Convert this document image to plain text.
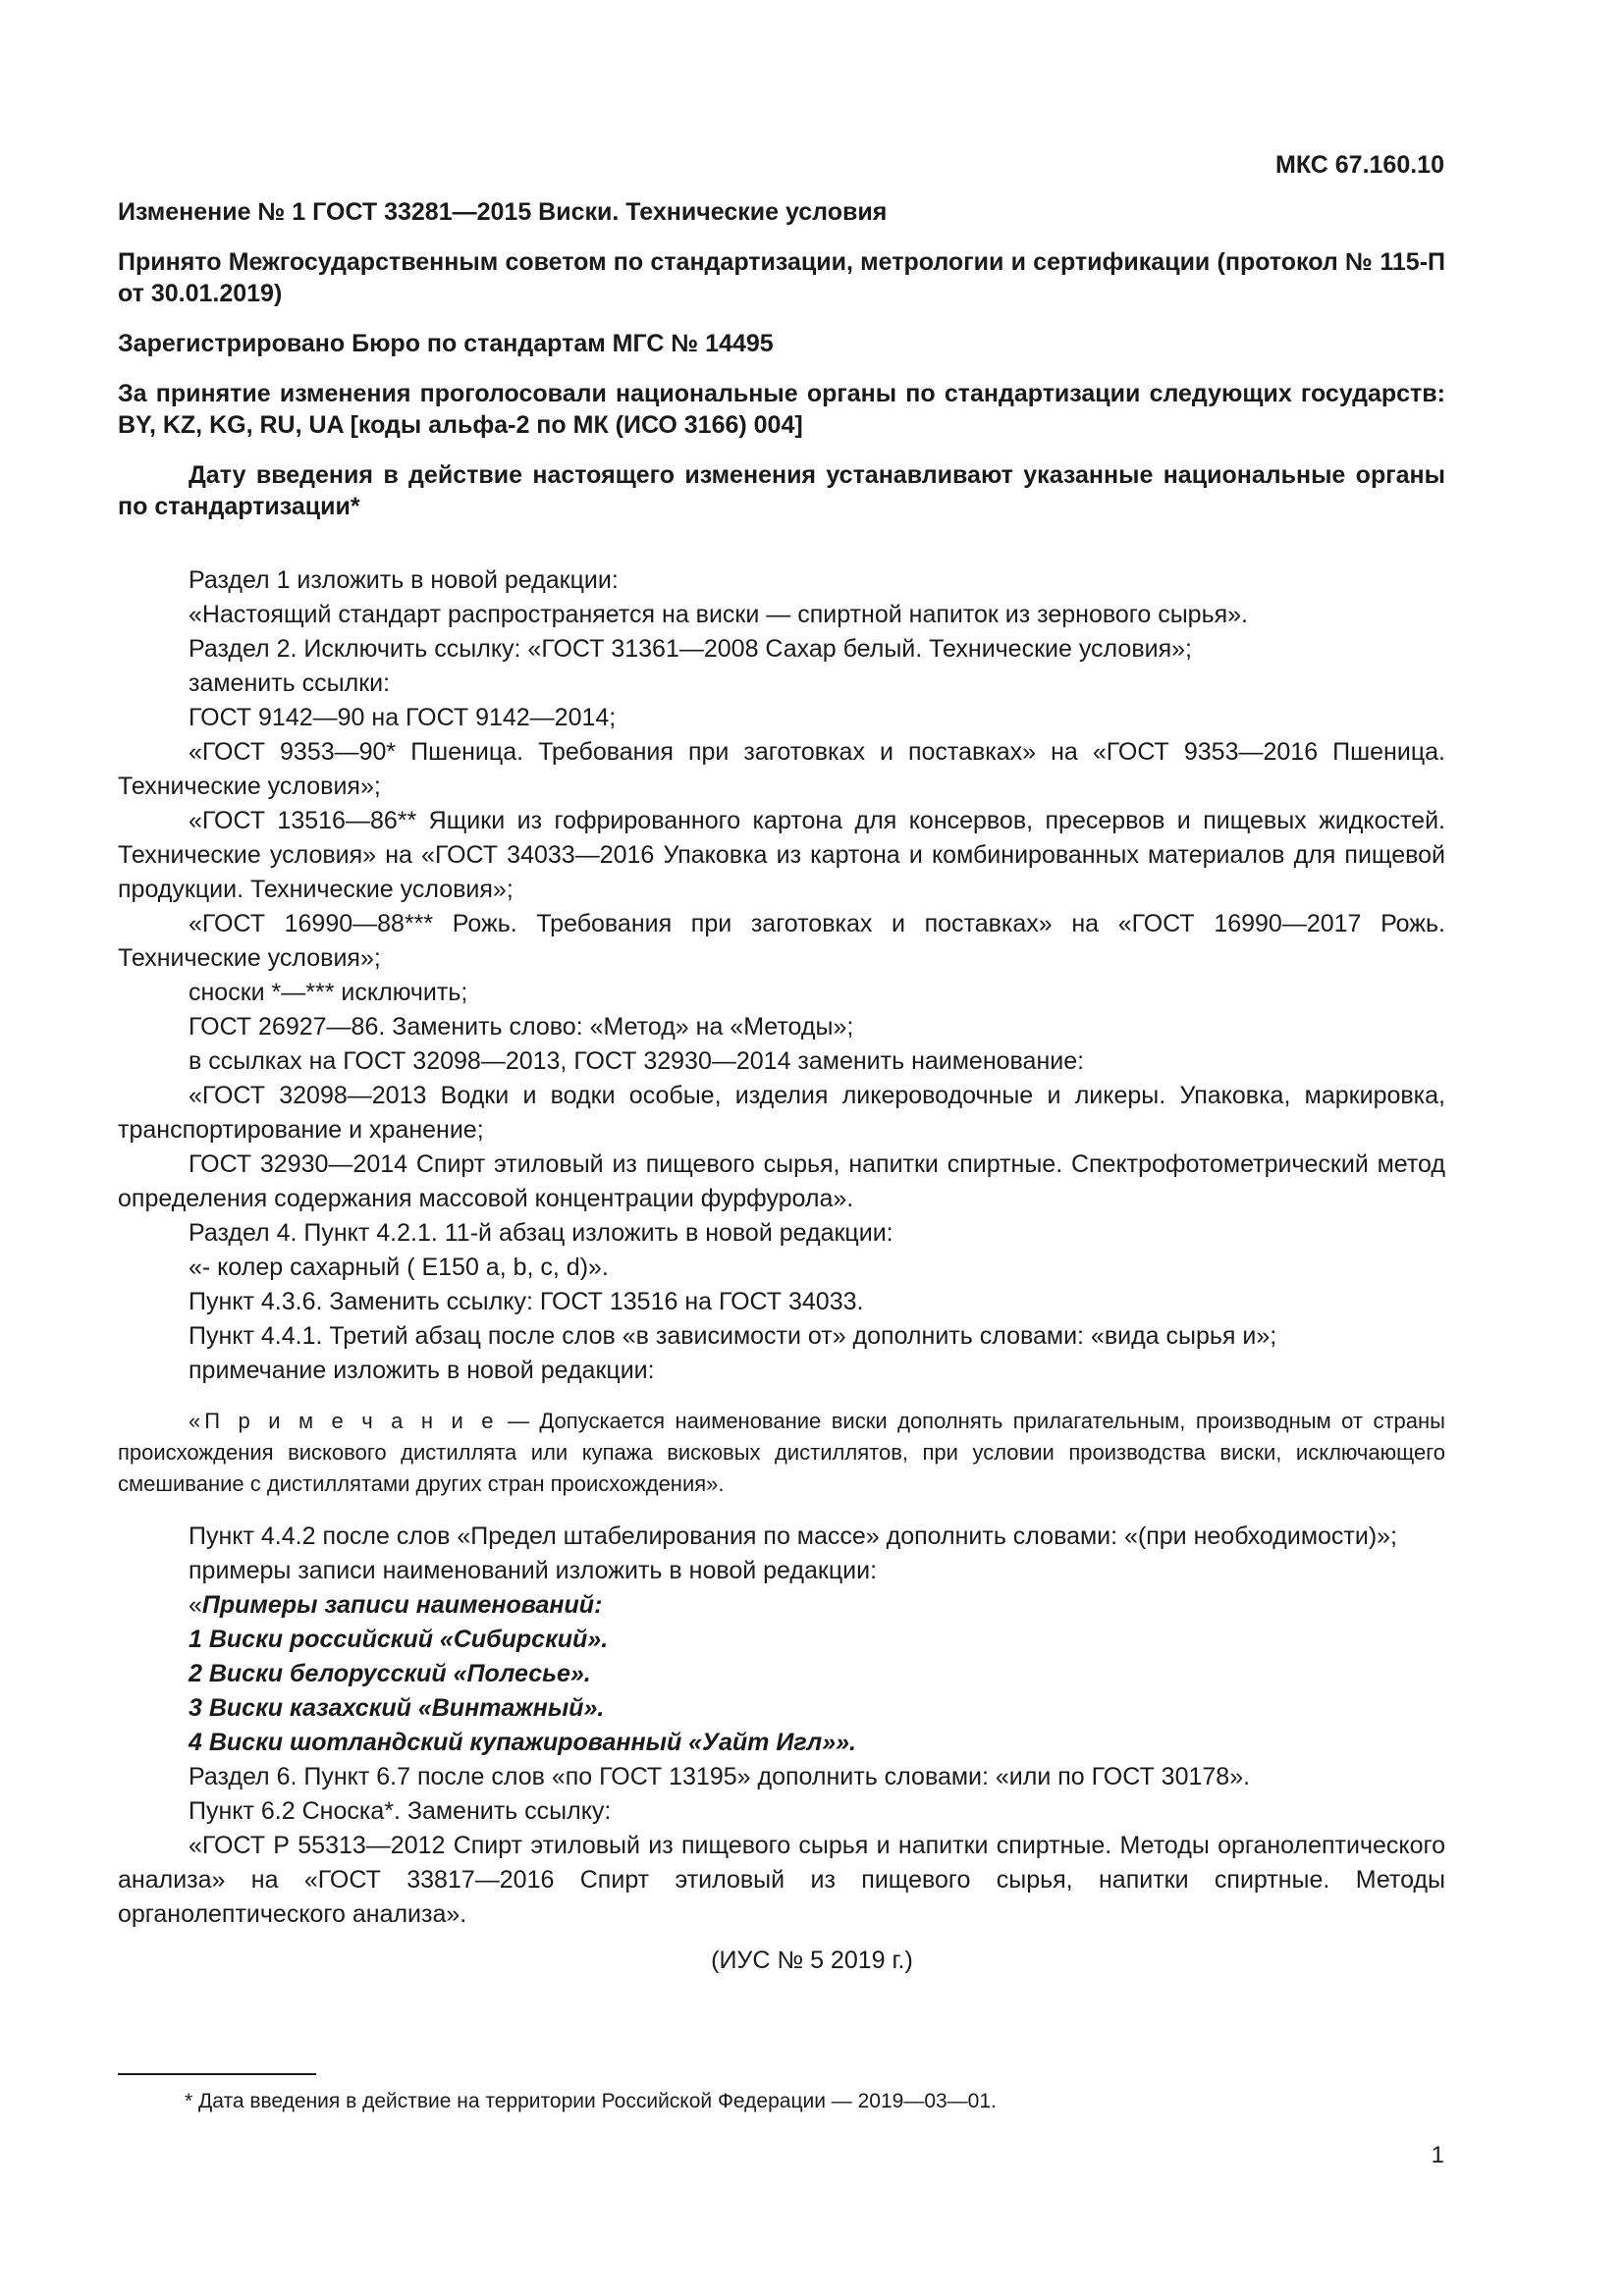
МКС 67.160.10

Изменение № 1 ГОСТ 33281—2015 Виски. Технические условия

Принято Межгосударственным советом по стандартизации, метрологии и сертификации (протокол № 115-П от 30.01.2019)

Зарегистрировано Бюро по стандартам МГС № 14495

За принятие изменения проголосовали национальные органы по стандартизации следующих государств: BY, KZ, KG, RU, UA [коды альфа-2 по МК (ИСО 3166) 004]

Дату введения в действие настоящего изменения устанавливают указанные национальные органы по стандартизации*

Раздел 1 изложить в новой редакции:

«Настоящий стандарт распространяется на виски — спиртной напиток из зернового сырья».

Раздел 2. Исключить ссылку: «ГОСТ 31361—2008 Сахар белый. Технические условия»;

заменить ссылки:

ГОСТ 9142—90 на ГОСТ 9142—2014;

«ГОСТ 9353—90* Пшеница. Требования при заготовках и поставках» на «ГОСТ 9353—2016 Пшеница. Технические условия»;

«ГОСТ 13516—86** Ящики из гофрированного картона для консервов, пресервов и пищевых жидкостей. Технические условия» на «ГОСТ 34033—2016 Упаковка из картона и комбинированных материалов для пищевой продукции. Технические условия»;

«ГОСТ 16990—88*** Рожь. Требования при заготовках и поставках» на «ГОСТ 16990—2017 Рожь. Технические условия»;

сноски *—*** исключить;

ГОСТ 26927—86. Заменить слово: «Метод» на «Методы»;

в ссылках на ГОСТ 32098—2013, ГОСТ 32930—2014 заменить наименование:

«ГОСТ 32098—2013 Водки и водки особые, изделия ликероводочные и ликеры. Упаковка, маркировка, транспортирование и хранение;

ГОСТ 32930—2014 Спирт этиловый из пищевого сырья, напитки спиртные. Спектрофотометрический метод определения содержания массовой концентрации фурфурола».

Раздел 4. Пункт 4.2.1. 11-й абзац изложить в новой редакции:

«- колер сахарный ( Е150 а, b, c, d)».

Пункт 4.3.6. Заменить ссылку: ГОСТ 13516 на ГОСТ 34033.

Пункт 4.4.1. Третий абзац после слов «в зависимости от» дополнить словами: «вида сырья и»;

примечание изложить в новой редакции:

«П р и м е ч а н и е — Допускается наименование виски дополнять прилагательным, производным от страны происхождения вискового дистиллята или купажа вискoвых дистиллятов, при условии производства виски, исключающего смешивание с дистиллятами других стран происхождения».

Пункт 4.4.2 после слов «Предел штабелирования по массе» дополнить словами: «(при необходимости)»;

примеры записи наименований изложить в новой редакции:

«Примеры записи наименований:

1 Виски российский «Сибирский».

2 Виски белорусский «Полесье».

3 Виски казахский «Винтажный».

4 Виски шотландский купажированный «Уайт Игл»».

Раздел 6. Пункт 6.7 после слов «по ГОСТ 13195» дополнить словами: «или по ГОСТ 30178».

Пункт 6.2 Сноска*. Заменить ссылку:

«ГОСТ Р 55313—2012 Спирт этиловый из пищевого сырья и напитки спиртные. Методы органолептического анализа» на «ГОСТ 33817—2016 Спирт этиловый из пищевого сырья, напитки спиртные. Методы органолептического анализа».

(ИУС № 5 2019 г.)
* Дата введения в действие на территории Российской Федерации — 2019—03—01.
1
